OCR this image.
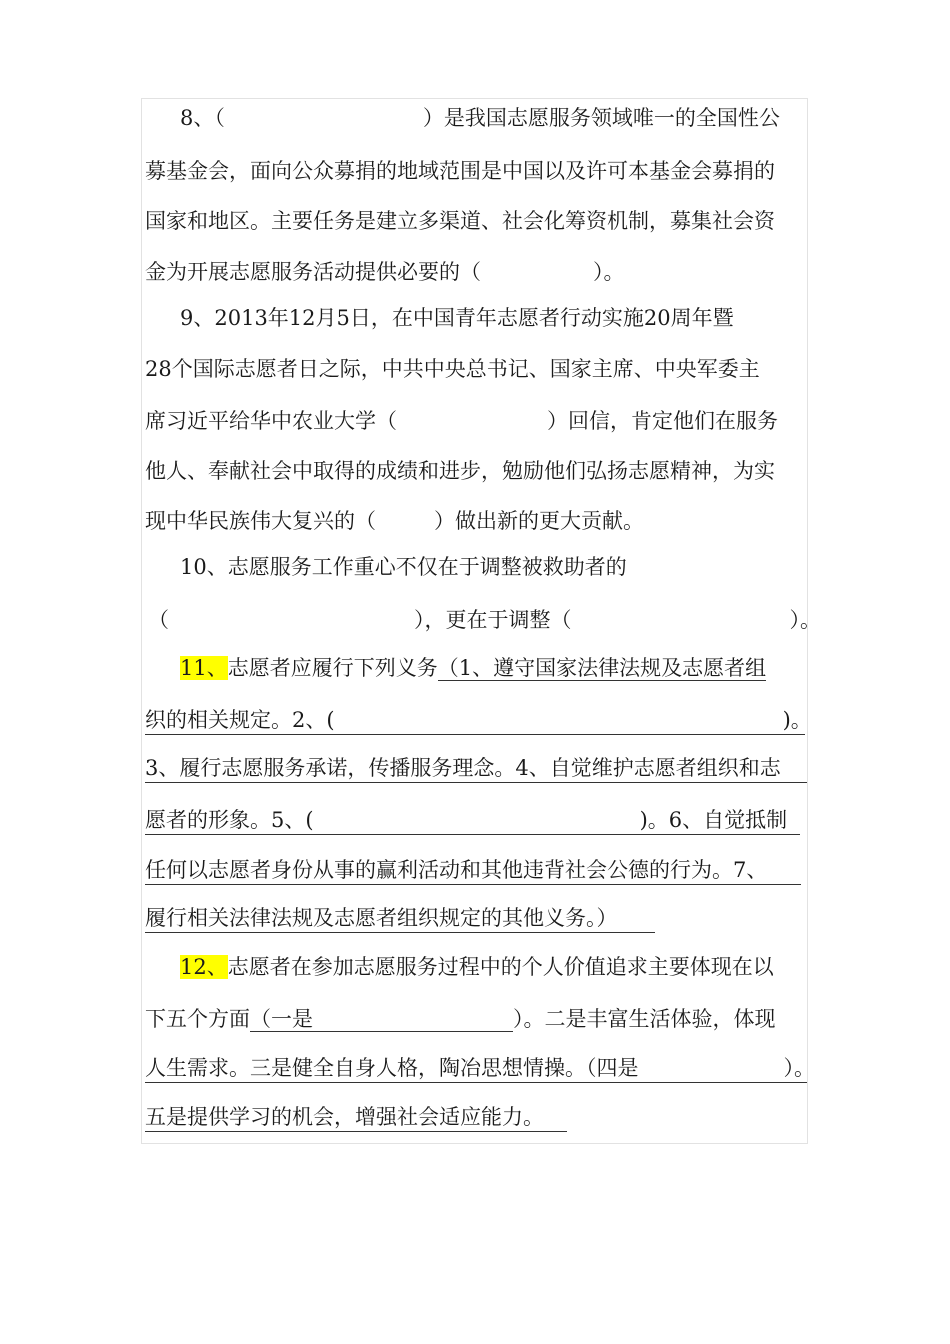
8、（	）是我国志愿服务领域唯一的全国性公
募基金会，面向公众募捐的地域范围是中国以及许可本基金会募捐的
国家和地区。主要任务是建立多渠道、社会化筹资机制，募集社会资
金为开展志愿服务活动提供必要的（	）。
9、2013年12月5日，在中国青年志愿者行动实施20周年暨
28个国际志愿者日之际，中共中央总书记、国家主席、中央军委主
席习近平给华中农业大学（	）回信，肯定他们在服务
他人、奉献社会中取得的成绩和进步，勉励他们弘扬志愿精神，为实
现中华民族伟大复兴的（	）做出新的更大贡献。
10、志愿服务工作重心不仅在于调整被救助者的
（	），更在于调整（	）。
11、志愿者应履行下列义务（1、遵守国家法律法规及志愿者组
织的相关规定。2、(	)。
3、履行志愿服务承诺，传播服务理念。4、自觉维护志愿者组织和志
愿者的形象。5、(	)。6、自觉抵制
任何以志愿者身份从事的赢利活动和其他违背社会公德的行为。7、
履行相关法律法规及志愿者组织规定的其他义务。）
12、志愿者在参加志愿服务过程中的个人价值追求主要体现在以
下五个方面（一是	）。二是丰富生活体验，体现
人生需求。三是健全自身人格，陶冶思想情操。（四是	）。
五是提供学习的机会，增强社会适应能力。
